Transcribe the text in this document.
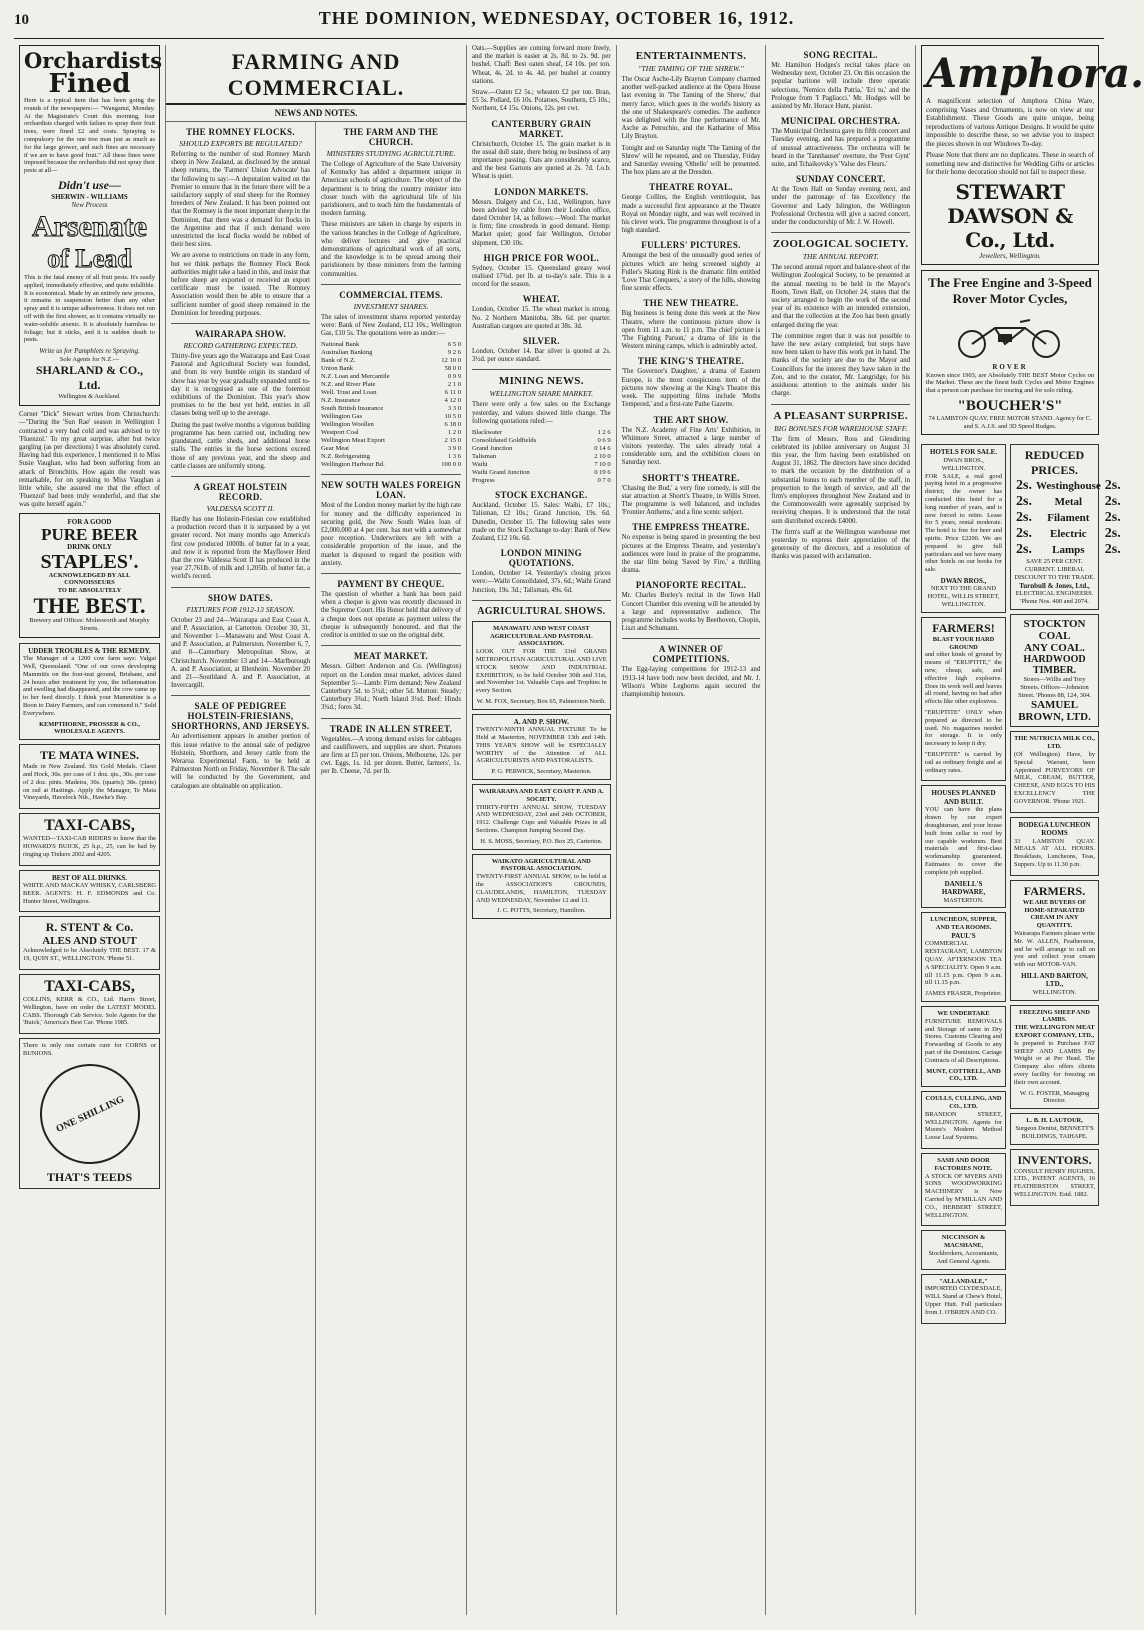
10	THE DOMINION, WEDNESDAY, OCTOBER 16, 1912.
Orchardists
Fined

Here is a typical item that has been going the rounds of the newspapers:— "Wanganui, Monday. At the Magistrate's Court this morning, four orchardists charged with failure to spray their fruit trees, were fined £2 and costs. Spraying is compulsory for the one tree man just as much as for the large grower, and such fines are necessary if we are to have good fruit." All these fines were imposed because the orchardists did not spray their pests at all—

Didn't use—
SHERWIN - WILLIAMS
New Process
Arsenate
of Lead

This is the fatal enemy of all fruit pests. It's easily applied, immediately effective, and quite infallible. It is economical. Made by an entirely new process, it remains in suspension better than any other spray and it is unique adhesiveness. It does not run off with the first shower, as it contains virtually no water-soluble arsenic. It is absolutely harmless to foliage; but it sticks, and it is sudden death to pests.

Write us for Pamphlets re Spraying.
Sole Agents for N.Z.—
SHARLAND & CO., Ltd.
Wellington & Auckland.

Cornet "Dick" Stewart writes from Christchurch:—"During the 'Sun Rae' season in Wellington I contracted a very bad cold and was advised to try 'Fluenzol.' To my great surprise, after but twice gargling (as per directions) I was absolutely cured. Having had this experience, I mentioned it to Miss Susie Vaughan, who had been suffering from an attack of Bronchitis. How again the result was remarkable, for on speaking to Miss Vaughan a little while, she assured me that the effect of 'Fluenzol' had been truly wonderful, and that she was quite herself again."

FOR A GOOD
PURE BEER
DRINK ONLY
STAPLES'.
ACKNOWLEDGED BY ALL
CONNOISSEURS
TO BE ABSOLUTELY
THE BEST.
Brewery and Offices: Molesworth and Murphy Streets.
UDDER TROUBLES & THE REMEDY.

The Manager of a 1200 cow farm says: Valgai Well, Queensland. "One of our cows developing Mammitis on the four-teat ground, Brisbane, and 24 hours after treatment by you, the inflammation and swelling had disappeared, and the cow came up to her feed directly. I think your Mammitine is a Boon to Dairy Farmers, and can commend it." Sold Everywhere.

KEMPTHORNE, PROSSER & CO., WHOLESALE AGENTS.
TE MATA WINES.

Made in New Zealand. Six Gold Medals. Claret and Hock, 30s. per case of 1 doz. qts., 30s. per case of 2 doz. pints. Madeira, 30s. (quarts); 38s. (pints) on rail at Hastings. Apply the Manager, Te Mata Vineyards, Havelock Nth., Hawke's Bay.

TAXI-CABS,

WANTED—TAXI-CAB RIDERS to know that the HOWARD'S BUICK, 25 h.p., 25, can be had by ringing up Tinkers 2002 and 4205.

BEST OF ALL DRINKS.

WHITE AND MACKAY WHISKY, CARLSBERG BEER. AGENTS: H. F. EDMONDS and Co. Hunter Street, Wellington.

R. STENT & Co.
ALES AND STOUT

Acknowledged to be Absolutely THE BEST. 17 & 19, QUIN ST., WELLINGTON. 'Phone 51.

TAXI-CABS,

COLLINS, KERR & CO., Ltd. Harris Street, Wellington, have on order the LATEST MODEL CABS. Thorough Cab Service. Sole Agents for the 'Buick,' America's Best Car. 'Phone 1985.

There is only one certain cure for CORNS or BUNIONS.

ONE SHILLING
THAT'S TEEDS
FARMING AND COMMERCIAL.
NEWS AND NOTES.
THE ROMNEY FLOCKS.
SHOULD EXPORTS BE REGULATED?

Referring to the number of stud Romney Marsh sheep in New Zealand, as disclosed by the annual sheep returns, the 'Farmers' Union Advocate' has the following to say:—A deputation waited on the Premier to ensure that in the future there will be a satisfactory supply of stud sheep for the Romney breeders of New Zealand. It has been pointed out that the Romney is the most important sheep in the Dominion, that there was a demand for flocks in the Argentine and that if such demand were unrestricted the local flocks would be robbed of their best sires.

We are averse to restrictions on trade in any form, but we think perhaps the Romney Flock Book authorities might take a hand in this, and insist that before sheep are exported or received an export certificate must be issued. The Romney Association would then be able to ensure that a sufficient number of good sheep remained in the Dominion for breeding purposes.

WAIRARAPA SHOW.
RECORD GATHERING EXPECTED.

Thirty-five years ago the Wairarapa and East Coast Pastoral and Agricultural Society was founded, and from its very humble origin its standard of show has year by year gradually expanded until to-day it is recognised as one of the foremost exhibitions of the Dominion. This year's show promises to be the best yet held, entries in all classes being well up to the average.

During the past twelve months a vigorous building programme has been carried out, including new grandstand, cattle sheds, and additional horse stalls. The entries in the horse sections exceed those of any previous year, and the sheep and cattle classes are uniformly strong.

A GREAT HOLSTEIN RECORD.
VALDESSA SCOTT II.

Hardly has one Holstein-Friesian cow established a production record than it is surpassed by a yet greater record. Not many months ago America's first cow produced 1000lb. of butter fat in a year, and now it is reported from the Mayflower Herd that the cow Valdessa Scott II has produced in the year 27,761lb. of milk and 1,205lb. of butter fat, a world's record.

SHOW DATES.
FIXTURES FOR 1912-13 SEASON.

October 23 and 24—Wairarapa and East Coast A. and P. Association, at Carterton. October 30, 31, and November 1—Manawatu and West Coast A. and P. Association, at Palmerston. November 6, 7, and 8—Canterbury Metropolitan Show, at Christchurch. November 13 and 14—Marlborough A. and P. Association, at Blenheim. November 20 and 21—Southland A. and P. Association, at Invercargill.

SALE OF PEDIGREE HOLSTEIN-FRIESIANS, SHORTHORNS, AND JERSEYS.

An advertisement appears in another portion of this issue relative to the annual sale of pedigree Holstein, Shorthorn, and Jersey cattle from the Weraroa Experimental Farm, to be held at Palmerston North on Friday, November 8. The sale will be conducted by the Government, and catalogues are obtainable on application.

THE FARM AND THE CHURCH.
MINISTERS STUDYING AGRICULTURE.

The College of Agriculture of the State University of Kentucky has added a department unique in American schools of agriculture. The object of the department is to bring the country minister into closer touch with the agricultural life of his parishioners, and to teach him the fundamentals of modern farming.

These ministers are taken in charge by experts in the various branches in the College of Agriculture, who deliver lectures and give practical demonstrations of agricultural work of all sorts, and the knowledge is to be spread among their parishioners by these ministers from the farming communities.

COMMERCIAL ITEMS.
INVESTMENT SHARES.

The sales of investment shares reported yesterday were: Bank of New Zealand, £12 10s.; Wellington Gas, £10 5s. The quotations were as under:—

National Bank	6 5 0
Australian Banking	9 2 6
Bank of N.Z.	12 10 0
Union Bank	58 0 0
N.Z. Loan and Mercantile	0 9 9
N.Z. and River Plate	2 1 0
Well. Trust and Loan	6 11 0
N.Z. Insurance	4 12 0
South British Insurance	3 3 0
Wellington Gas	10 5 0
Wellington Woollen	6 18 0
Westport Coal	1 2 0
Wellington Meat Export	2 15 0
Gear Meat	3 9 0
N.Z. Refrigerating	1 3 6
Wellington Harbour Bd.	100 0 0
NEW SOUTH WALES FOREIGN LOAN.

Most of the London money market by the high rate for money and the difficulty experienced in securing gold, the New South Wales loan of £2,000,000 at 4 per cent. has met with a somewhat poor reception. Underwriters are left with a considerable proportion of the issue, and the market is disposed to regard the position with anxiety.

PAYMENT BY CHEQUE.

The question of whether a bank has been paid when a cheque is given was recently discussed in the Supreme Court. His Honor held that delivery of a cheque does not operate as payment unless the cheque is subsequently honoured, and that the creditor is entitled to sue on the original debt.

MEAT MARKET.

Messrs. Gilbert Anderson and Co. (Wellington) report on the London meat market, advices dated September 5:—Lamb: Firm demand; New Zealand Canterbury 5d. to 5½d.; other 5d. Mutton: Steady; Canterbury 3¾d.; North Island 3½d. Beef: Hinds 3¾d.; fores 3d.

TRADE IN ALLEN STREET.

Vegetables.—A strong demand exists for cabbages and cauliflowers, and supplies are short. Potatoes are firm at £5 per ton. Onions, Melbourne, 12s. per cwt. Eggs, 1s. 1d. per dozen. Butter, farmers', 1s. per lb. Cheese, 7d. per lb.

Oats.—Supplies are coming forward more freely, and the market is easier at 2s. 8d. to 2s. 9d. per bushel. Chaff: Best oaten sheaf, £4 10s. per ton. Wheat, 4s. 2d. to 4s. 4d. per bushel at country stations.

Straw.—Oaten £2 5s.; wheaten £2 per ton. Bran, £5 5s. Pollard, £6 10s. Potatoes, Southern, £5 10s.; Northern, £4 15s. Onions, 12s. per cwt.

CANTERBURY GRAIN MARKET.

Christchurch, October 15. The grain market is in the usual dull state, there being no business of any importance passing. Oats are considerably scarce, and the best Gartons are quoted at 2s. 7d. f.o.b. Wheat is quiet.

LONDON MARKETS.

Messrs. Dalgety and Co., Ltd., Wellington, have been advised by cable from their London office, dated October 14, as follows:—Wool: The market is firm; fine crossbreds in good demand. Hemp: Market quiet; good fair Wellington, October shipment, £30 10s.

HIGH PRICE FOR WOOL.

Sydney, October 15. Queensland greasy wool realised 17¾d. per lb. at to-day's sale. This is a record for the season.

WHEAT.

London, October 15. The wheat market is strong. No. 2 Northern Manitoba, 38s. 6d. per quarter. Australian cargoes are quoted at 38s. 3d.

SILVER.

London, October 14. Bar silver is quoted at 2s. 3½d. per ounce standard.

MINING NEWS.
WELLINGTON SHARE MARKET.

There were only a few sales on the Exchange yesterday, and values showed little change. The following quotations ruled:—

Blackwater	1 2 6
Consolidated Goldfields	0 6 9
Grand Junction	0 14 6
Talisman	2 10 0
Waihi	7 10 0
Waihi Grand Junction	0 19 6
Progress	0 7 0
STOCK EXCHANGE.

Auckland, October 15. Sales: Waihi, £7 10s.; Talisman, £2 10s.; Grand Junction, 19s. 6d. Dunedin, October 15. The following sales were made on the Stock Exchange to-day: Bank of New Zealand, £12 10s. 6d.

LONDON MINING QUOTATIONS.

London, October 14. Yesterday's closing prices were:—Waihi Consolidated, 37s. 6d.; Waihi Grand Junction, 19s. 3d.; Talisman, 49s. 6d.

AGRICULTURAL SHOWS.
MANAWATU AND WEST COAST AGRICULTURAL AND PASTORAL ASSOCIATION.

LOOK OUT FOR THE 33rd GRAND METROPOLITAN AGRICULTURAL AND LIVE STOCK SHOW AND INDUSTRIAL EXHIBITION, to be held October 30th and 31st, and November 1st. Valuable Cups and Trophies in every Section.

W. M. FOX, Secretary, Box 65, Palmerston North.
A. AND P. SHOW.

TWENTY-NINTH ANNUAL FIXTURE To be Held at Masterton, NOVEMBER 13th and 14th. THIS YEAR'S SHOW will be ESPECIALLY WORTHY of the Attention of ALL AGRICULTURISTS AND PASTORALISTS.

P. G. PERWICK, Secretary, Masterton.
WAIRARAPA AND EAST COAST P. AND A. SOCIETY.

THIRTY-FIFTH ANNUAL SHOW, TUESDAY AND WEDNESDAY, 23rd and 24th OCTOBER, 1912. Challenge Cups and Valuable Prizes in all Sections. Champion Jumping Second Day.

H. S. MOSS, Secretary, P.O. Box 25, Carterton.
WAIKATO AGRICULTURAL AND PASTORAL ASSOCIATION.

TWENTY-FIRST ANNUAL SHOW, to be held at the ASSOCIATION'S GROUNDS, CLAUDELANDS, HAMILTON, TUESDAY AND WEDNESDAY, November 12 and 13.

J. C. POTTS, Secretary, Hamilton.
ENTERTAINMENTS.
"THE TAMING OF THE SHREW."

The Oscar Asche-Lily Brayton Company charmed another well-packed audience at the Opera House last evening in 'The Taming of the Shrew,' that merry farce, which goes in the world's history as the one of Shakespeare's comedies. The audience was delighted with the fine performance of Mr. Asche as Petruchio, and the Katharine of Miss Lily Brayton.

Tonight and on Saturday night 'The Taming of the Shrew' will be repeated, and on Thursday, Friday and Saturday evening 'Othello' will be presented. The box plans are at the Dresden.

THEATRE ROYAL.

George Collins, the English ventriloquist, has made a successful first appearance at the Theatre Royal on Monday night, and was well received in his clever work. The programme throughout is of a high standard.

FULLERS' PICTURES.

Amongst the best of the unusually good series of pictures which are being screened nightly at Fuller's Skating Rink is the dramatic film entitled 'Love That Conquers,' a story of the hills, showing fine scenic effects.

THE NEW THEATRE.

Big business is being done this week at the New Theatre, where the continuous picture show is open from 11 a.m. to 11 p.m. The chief picture is 'The Fighting Parson,' a drama of life in the Western mining camps, which is admirably acted.

THE KING'S THEATRE.

'The Governor's Daughter,' a drama of Eastern Europe, is the most conspicuous item of the pictures now showing at the King's Theatre this week. The supporting films include 'Moths Tempered,' and a first-rate Pathe Gazette.

THE ART SHOW.

The N.Z. Academy of Fine Arts' Exhibition, in Whitmore Street, attracted a large number of visitors yesterday. The sales already total a considerable sum, and the exhibition closes on Saturday next.

SHORTT'S THEATRE.

'Chasing the Bud,' a very fine comedy, is still the star attraction at Shortt's Theatre, in Willis Street. The programme is well balanced, and includes 'Frontier Anthems,' and a fine scenic subject.

THE EMPRESS THEATRE.

No expense is being spared in presenting the best pictures at the Empress Theatre, and yesterday's audiences were loud in praise of the programme, the star film being 'Saved by Fire,' a thrilling drama.

PIANOFORTE RECITAL.

Mr. Charles Burley's recital in the Town Hall Concert Chamber this evening will be attended by a large and representative audience. The programme includes works by Beethoven, Chopin, Liszt and Schumann.

A WINNER OF COMPETITIONS.

The Egg-laying competitions for 1912-13 and 1913-14 have both now been decided, and Mr. J. Wilson's White Leghorns again secured the championship honours.

SONG RECITAL.

Mr. Hamilton Hodges's recital takes place on Wednesday next, October 23. On this occasion the popular baritone will include three operatic selections, 'Nemico della Patria,' 'Eri tu,' and the Prologue from 'I Pagliacci.' Mr. Hodges will be assisted by Mr. Horace Hunt, pianist.

MUNICIPAL ORCHESTRA.

The Municipal Orchestra gave its fifth concert and Tuesday evening, and has prepared a programme of unusual attractiveness. The orchestra will be heard in the 'Tannhauser' overture, the 'Peer Gynt' suite, and Tchaikovsky's 'Valse des Fleurs.'

SUNDAY CONCERT.

At the Town Hall on Sunday evening next, and under the patronage of his Excellency the Governor and Lady Islington, the Wellington Professional Orchestra will give a sacred concert, under the conductorship of Mr. J. W. Howell.

ZOOLOGICAL SOCIETY.
THE ANNUAL REPORT.

The second annual report and balance-sheet of the Wellington Zoological Society, to be presented at the annual meeting to be held in the Mayor's Room, Town Hall, on October 24, states that the society arranged to begin the work of the second year of its existence with an intended extension, and that the collection at the Zoo has been greatly enlarged during the year.

The committee regret that it was not possible to have the new aviary completed, but steps have now been taken to have this work put in hand. The thanks of the society are due to the Mayor and Councillors for the interest they have taken in the Zoo, and to the curator, Mr. Langridge, for his assiduous attention to the animals under his charge.

A PLEASANT SURPRISE.
BIG BONUSES FOR WAREHOUSE STAFF.

The firm of Messrs. Ross and Glendining celebrated its jubilee anniversary on August 31 this year, the firm having been established on August 31, 1862. The directors have since decided to mark the occasion by the distribution of a substantial bonus to each member of the staff, in proportion to the length of service, and all the firm's employees throughout New Zealand and in the Commonwealth were agreeably surprised by receiving cheques. It is understood that the total sum distributed exceeds £4000.

The firm's staff at the Wellington warehouse met yesterday to express their appreciation of the generosity of the directors, and a resolution of thanks was passed with acclamation.

Amphora.

A magnificent selection of Amphora China Ware, comprising Vases and Ornaments, is now on view at our Establishment. These Goods are quite unique, being reproductions of various Antique Designs. It would be quite impossible to describe these, so we advise you to inspect the pieces shown in our Windows To-day.

Please Note that there are no duplicates. These in search of something new and distinctive for Wedding Gifts or articles for their home decoration should not fail to inspect these.

STEWART DAWSON & Co., Ltd.
Jewellers, Wellington.
The Free Engine and 3-Speed Rover Motor Cycles,
ROVER

Known since 1903, are Absolutely THE BEST Motor Cycles on the Market. These are the finest built Cycles and Motor Engines that a person can purchase for touring and for solo riding.

"BOUCHER'S"
74 LAMBTON QUAY. FREE MOTOR STAND. Agency for C. and S. A.J.S. and 3D Speed Rudges.
HOTELS FOR SALE.
DWAN BROS., WELLINGTON.

FOR SALE, a real good paying hotel in a progressive district; the owner has conducted this hotel for a long number of years, and is now forced to retire. Lease for 5 years, rental moderate. The hotel is free for beer and spirits. Price £2200. We are prepared to give full particulars and we have many other hotels on our books for sale.

DWAN BROS.,
NEXT TO THE GRAND HOTEL, WILLIS STREET, WELLINGTON.
FARMERS!
BLAST YOUR HARD GROUND

and other kinds of ground by means of "ERUPTITE," the new, cheap, safe, and effective high explosive. Does its work well and leaves all round, having no bad after effects like other explosives.

"ERUPTITE" ONLY when prepared as directed to be used. No magazines needed for storage. It is only necessary to keep it dry.

"ERUPTITE" is carried by rail as ordinary freight and at ordinary rates.

HOUSES PLANNED AND BUILT.

YOU can have the plans drawn by our expert draughtsman, and your house built from cellar to roof by our capable workmen. Best materials and first-class workmanship guaranteed. Estimates to cover the complete job supplied.

DANIELL'S HARDWARE,
MASTERTON.
LUNCHEON, SUPPER, AND TEA ROOMS.
PAUL'S

COMMERCIAL RESTAURANT, LAMBTON QUAY. AFTERNOON TEA A SPECIALITY. Open 9 a.m. till 11.15 p.m. Open 9 a.m. till 11.15 p.m.

JAMES FRASER, Proprietor.
WE UNDERTAKE

FURNITURE REMOVALS and Storage of same in Dry Stores. Customs Clearing and Forwarding of Goods to any part of the Dominion. Cartage Contracts of all Descriptions.

MUNT, COTTRELL, AND CO., LTD.
COULLS, CULLING, AND CO., LTD.

BRANDON STREET, WELLINGTON. Agents for Moore's Modern Method Loose Leaf Systems.

SASH AND DOOR FACTORIES NOTE.

A STOCK OF MYERS AND SONS WOODWORKING MACHINERY is Now Carried by M'MILLAN AND CO., HERBERT STREET, WELLINGTON.

NICCINSON & MACSHANE,
Stockbrokers, Accountants, And General Agents.
"ALLANDALE,"

IMPORTED CLYDESDALE, WILL Stand at Chew's Hotel, Upper Hutt. Full particulars from J. O'BRIEN AND CO.

REDUCED PRICES.
2s.	Westinghouse	2s.
2s.	Metal	2s.
2s.	Filament	2s.
2s.	Electric	2s.
2s.	Lamps	2s.
SAVE 25 PER CENT. CURRENT. LIBERAL DISCOUNT TO THE TRADE.
Turnbull & Jones, Ltd.,
ELECTRICAL ENGINEERS. 'Phone Nos. 400 and 2074.
STOCKTON COAL
ANY COAL.
HARDWOOD TIMBER.
Stores—Willis and Tory Streets. Offices—Johnston Street. 'Phones 88, 124, 304.
SAMUEL BROWN, LTD.
THE NUTRICIA MILK CO., LTD.

(Of Wellington) Have, by Special Warrant, been Appointed PURVEYORS OF MILK, CREAM, BUTTER, CHEESE, AND EGGS TO HIS EXCELLENCY THE GOVERNOR. 'Phone 1921.

BODEGA LUNCHEON ROOMS

33 LAMBTON QUAY. MEALS AT ALL HOURS. Breakfasts, Luncheons, Teas, Suppers. Up to 11.30 p.m.

FARMERS.
WE ARE BUYERS OF HOME-SEPARATED CREAM IN ANY QUANTITY.

Wairarapa Farmers please write Mr. W. ALLEN, Featherston, and he will arrange to call on you and collect your cream with our MOTOR-VAN.

HILL AND BARTON, LTD.,
WELLINGTON.
FREEZING SHEEP AND LAMBS.
THE WELLINGTON MEAT EXPORT COMPANY, LTD.,

Is prepared to Purchase FAT SHEEP AND LAMBS By Weight or at Per Head. The Company also offers clients every facility for freezing on their own account.

W. G. FOSTER, Managing Director.
L. B. H. LAUTOUR,
Surgeon Dentist, BENNETT'S BUILDINGS, TAIHAPE.
INVENTORS.

CONSULT HENRY HUGHES, LTD., PATENT AGENTS, 16 FEATHERSTON STREET, WELLINGTON. Estd. 1882.
